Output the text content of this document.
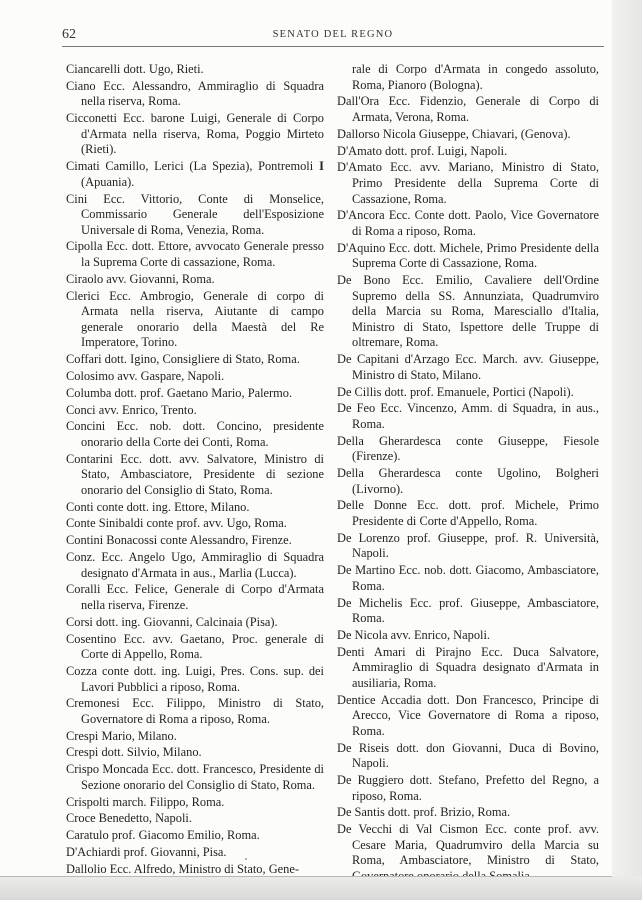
62	SENATO DEL REGNO
Ciancarelli dott. Ugo, Rieti.
Ciano Ecc. Alessandro, Ammiraglio di Squadra nella riserva, Roma.
Cicconetti Ecc. barone Luigi, Generale di Corpo d'Armata nella riserva, Roma, Poggio Mirteto (Rieti).
I
Cimati Camillo, Lerici (La Spezia), Pontremoli (Apuania).
Cini Ecc. Vittorio, Conte di Monselice, Commissario Generale dell'Esposizione Universale di Roma, Venezia, Roma.
Cipolla Ecc. dott. Ettore, avvocato Generale presso la Suprema Corte di cassazione, Roma.
Ciraolo avv. Giovanni, Roma.
Clerici Ecc. Ambrogio, Generale di corpo di Armata nella riserva, Aiutante di campo generale onorario della Maestà del Re Imperatore, Torino.
Coffari dott. Igino, Consigliere di Stato, Roma.
Colosimo avv. Gaspare, Napoli.
Columba dott. prof. Gaetano Mario, Palermo.
Conci avv. Enrico, Trento.
Concini Ecc. nob. dott. Concino, presidente onorario della Corte dei Conti, Roma.
Contarini Ecc. dott. avv. Salvatore, Ministro di Stato, Ambasciatore, Presidente di sezione onorario del Consiglio di Stato, Roma.
Conti conte dott. ing. Ettore, Milano.
Conte Sinibaldi conte prof. avv. Ugo, Roma.
Contini Bonacossi conte Alessandro, Firenze.
Conz. Ecc. Angelo Ugo, Ammiraglio di Squadra designato d'Armata in aus., Marlia (Lucca).
Coralli Ecc. Felice, Generale di Corpo d'Armata nella riserva, Firenze.
Corsi dott. ing. Giovanni, Calcinaia (Pisa).
Cosentino Ecc. avv. Gaetano, Proc. generale di Corte di Appello, Roma.
Cozza conte dott. ing. Luigi, Pres. Cons. sup. dei Lavori Pubblici a riposo, Roma.
Cremonesi Ecc. Filippo, Ministro di Stato, Governatore di Roma a riposo, Roma.
Crespi Mario, Milano.
Crespi dott. Silvio, Milano.
Crispo Moncada Ecc. dott. Francesco, Presidente di Sezione onorario del Consiglio di Stato, Roma.
Crispolti march. Filippo, Roma.
Croce Benedetto, Napoli.
Caratulo prof. Giacomo Emilio, Roma.
D'Achiardi prof. Giovanni, Pisa.
Dallolio Ecc. Alfredo, Ministro di Stato, Gene-
rale di Corpo d'Armata in congedo assoluto, Roma, Pianoro (Bologna).
Dall'Ora Ecc. Fidenzio, Generale di Corpo di Armata, Verona, Roma.
Dallorso Nicola Giuseppe, Chiavari, (Genova).
D'Amato dott. prof. Luigi, Napoli.
D'Amato Ecc. avv. Mariano, Ministro di Stato, Primo Presidente della Suprema Corte di Cassazione, Roma.
D'Ancora Ecc. Conte dott. Paolo, Vice Governatore di Roma a riposo, Roma.
D'Aquino Ecc. dott. Michele, Primo Presidente della Suprema Corte di Cassazione, Roma.
De Bono Ecc. Emilio, Cavaliere dell'Ordine Supremo della SS. Annunziata, Quadrumviro della Marcia su Roma, Maresciallo d'Italia, Ministro di Stato, Ispettore delle Truppe di oltremare, Roma.
De Capitani d'Arzago Ecc. March. avv. Giuseppe, Ministro di Stato, Milano.
De Cillis dott. prof. Emanuele, Portici (Napoli).
De Feo Ecc. Vincenzo, Amm. di Squadra, in aus., Roma.
Della Gherardesca conte Giuseppe, Fiesole (Firenze).
Della Gherardesca conte Ugolino, Bolgheri (Livorno).
Delle Donne Ecc. dott. prof. Michele, Primo Presidente di Corte d'Appello, Roma.
De Lorenzo prof. Giuseppe, prof. R. Università, Napoli.
De Martino Ecc. nob. dott. Giacomo, Ambasciatore, Roma.
De Michelis Ecc. prof. Giuseppe, Ambasciatore, Roma.
De Nicola avv. Enrico, Napoli.
Denti Amari di Pirajno Ecc. Duca Salvatore, Ammiraglio di Squadra designato d'Armata in ausiliaria, Roma.
Dentice Accadia dott. Don Francesco, Principe di Arecco, Vice Governatore di Roma a riposo, Roma.
De Riseis dott. don Giovanni, Duca di Bovino, Napoli.
De Ruggiero dott. Stefano, Prefetto del Regno, a riposo, Roma.
De Santis dott. prof. Brizio, Roma.
De Vecchi di Val Cismon Ecc. conte prof. avv. Cesare Maria, Quadrumviro della Marcia su Roma, Ambasciatore, Ministro di Stato,
